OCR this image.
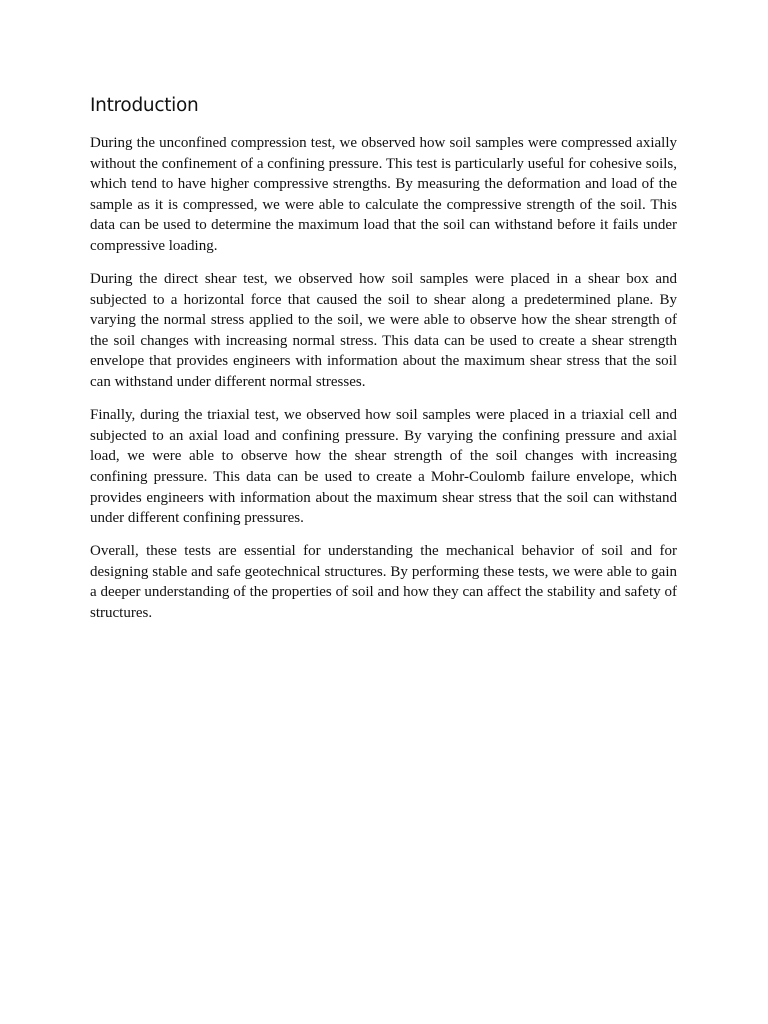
Introduction

During the unconfined compression test, we observed how soil samples were compressed axially without the confinement of a confining pressure. This test is particularly useful for cohesive soils, which tend to have higher compressive strengths. By measuring the deformation and load of the sample as it is compressed, we were able to calculate the compressive strength of the soil. This data can be used to determine the maximum load that the soil can withstand before it fails under compressive loading.

During the direct shear test, we observed how soil samples were placed in a shear box and subjected to a horizontal force that caused the soil to shear along a predetermined plane. By varying the normal stress applied to the soil, we were able to observe how the shear strength of the soil changes with increasing normal stress. This data can be used to create a shear strength envelope that provides engineers with information about the maximum shear stress that the soil can withstand under different normal stresses.

Finally, during the triaxial test, we observed how soil samples were placed in a triaxial cell and subjected to an axial load and confining pressure. By varying the confining pressure and axial load, we were able to observe how the shear strength of the soil changes with increasing confining pressure. This data can be used to create a Mohr-Coulomb failure envelope, which provides engineers with information about the maximum shear stress that the soil can withstand under different confining pressures.

Overall, these tests are essential for understanding the mechanical behavior of soil and for designing stable and safe geotechnical structures. By performing these tests, we were able to gain a deeper understanding of the properties of soil and how they can affect the stability and safety of structures.
